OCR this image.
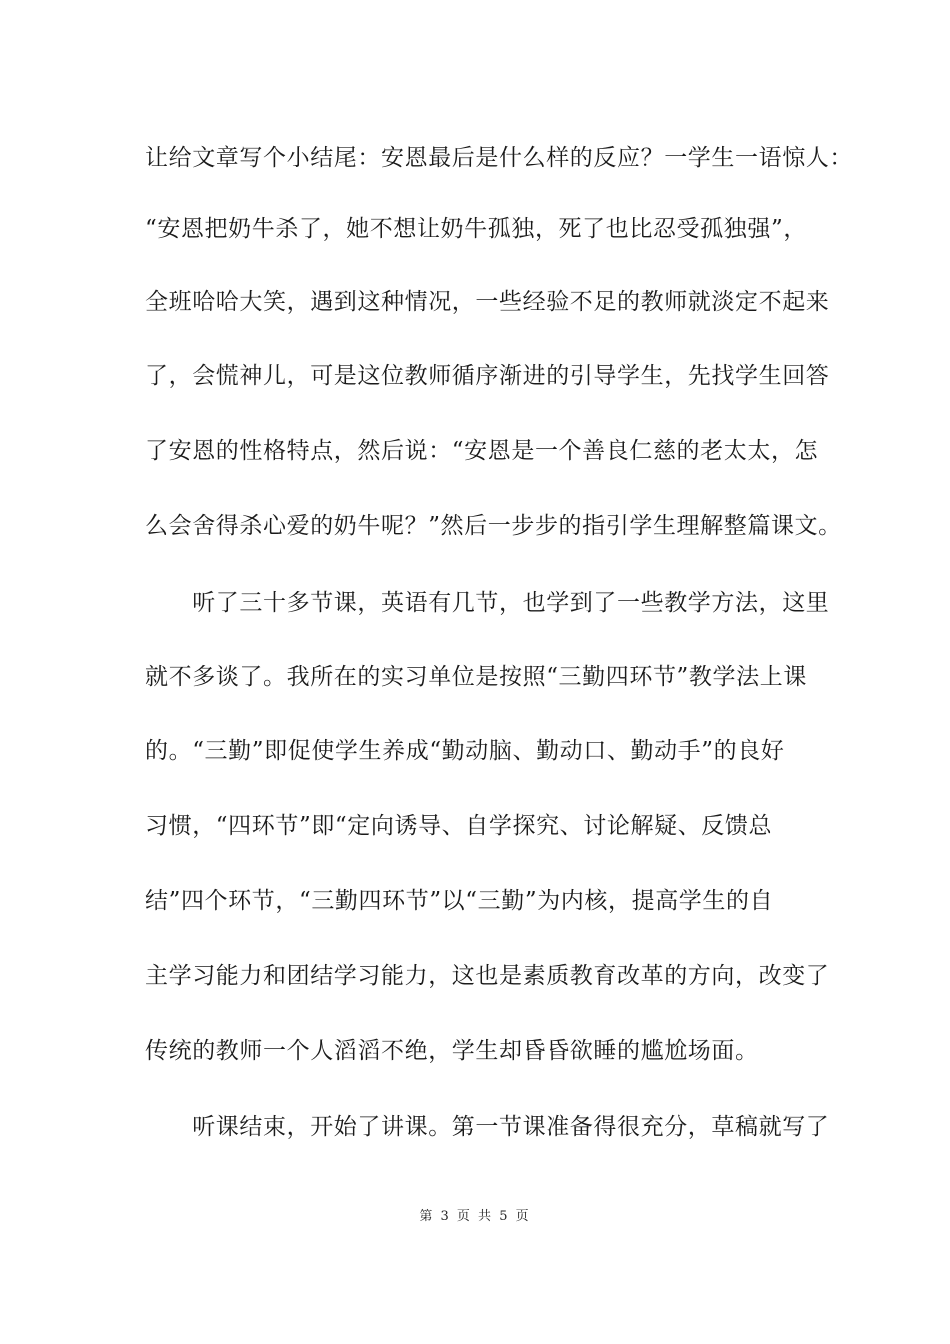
让给文章写个小结尾：安恩最后是什么样的反应？一学生一语惊人：
“安恩把奶牛杀了，她不想让奶牛孤独，死了也比忍受孤独强”，
全班哈哈大笑，遇到这种情况，一些经验不足的教师就淡定不起来
了，会慌神儿，可是这位教师循序渐进的引导学生，先找学生回答
了安恩的性格特点，然后说：“安恩是一个善良仁慈的老太太，怎
么会舍得杀心爱的奶牛呢？”然后一步步的指引学生理解整篇课文。
　　听了三十多节课，英语有几节，也学到了一些教学方法，这里
就不多谈了。我所在的实习单位是按照“三勤四环节”教学法上课
的。“三勤”即促使学生养成“勤动脑、勤动口、勤动手”的良好
习惯，“四环节”即“定向诱导、自学探究、讨论解疑、反馈总
结”四个环节，“三勤四环节”以“三勤”为内核，提高学生的自
主学习能力和团结学习能力，这也是素质教育改革的方向，改变了
传统的教师一个人滔滔不绝，学生却昏昏欲睡的尴尬场面。
　　听课结束，开始了讲课。第一节课准备得很充分，草稿就写了
第 3 页 共 5 页
